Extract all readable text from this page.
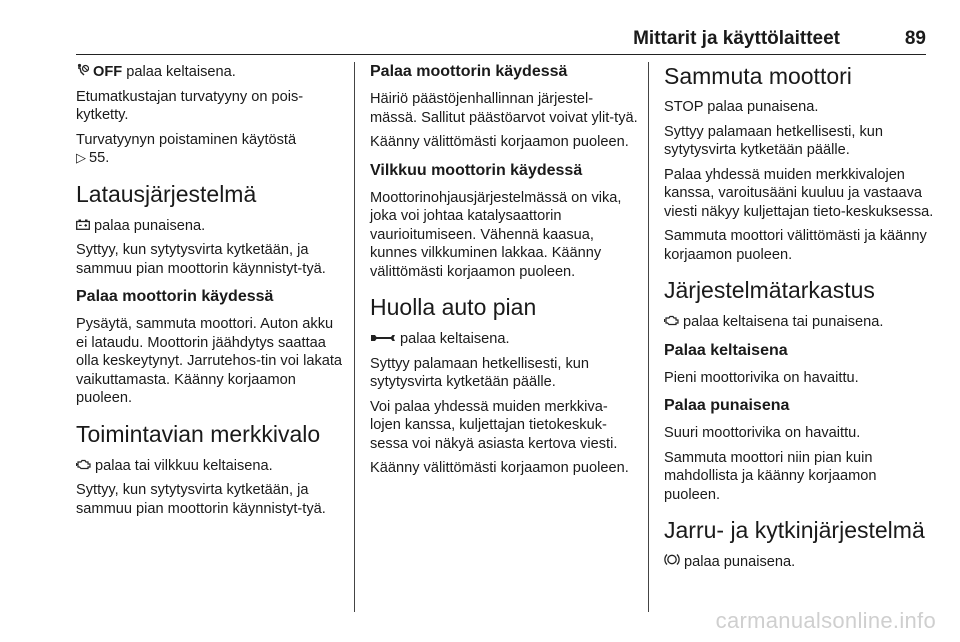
Mittarit ja käyttölaitteet	89

OFF palaa keltaisena.

Etumatkustajan turvatyyny on pois-kytketty.

Turvatyynyn poistaminen käytöstä
▷ 55.

Latausjärjestelmä

palaa punaisena.

Syttyy, kun sytytysvirta kytketään, ja sammuu pian moottorin käynnistyt-tyä.

Palaa moottorin käydessä

Pysäytä, sammuta moottori. Auton akku ei lataudu. Moottorin jäähdytys saattaa olla keskeytynyt. Jarrutehos-tin voi lakata vaikuttamasta. Käänny korjaamon puoleen.

Toimintavian merkkivalo

palaa tai vilkkuu keltaisena.

Syttyy, kun sytytysvirta kytketään, ja sammuu pian moottorin käynnistyt-tyä.

Palaa moottorin käydessä

Häiriö päästöjenhallinnan järjestel-mässä. Sallitut päästöarvot voivat ylit-tyä.

Käänny välittömästi korjaamon puoleen.

Vilkkuu moottorin käydessä

Moottorinohjausjärjestelmässä on vika, joka voi johtaa katalysaattorin vaurioitumiseen. Vähennä kaasua, kunnes vilkkuminen lakkaa. Käänny välittömästi korjaamon puoleen.

Huolla auto pian

palaa keltaisena.

Syttyy palamaan hetkellisesti, kun sytytysvirta kytketään päälle.

Voi palaa yhdessä muiden merkkiva-lojen kanssa, kuljettajan tietokeskuk-sessa voi näkyä asiasta kertova viesti.

Käänny välittömästi korjaamon puoleen.

Sammuta moottori

STOP palaa punaisena.

Syttyy palamaan hetkellisesti, kun sytytysvirta kytketään päälle.

Palaa yhdessä muiden merkkivalojen kanssa, varoitusääni kuuluu ja vastaava viesti näkyy kuljettajan tieto-keskuksessa.

Sammuta moottori välittömästi ja käänny korjaamon puoleen.

Järjestelmätarkastus

palaa keltaisena tai punaisena.

Palaa keltaisena

Pieni moottorivika on havaittu.

Palaa punaisena

Suuri moottorivika on havaittu.

Sammuta moottori niin pian kuin mahdollista ja käänny korjaamon puoleen.

Jarru- ja kytkinjärjestelmä

palaa punaisena.

carmanualsonline.info
